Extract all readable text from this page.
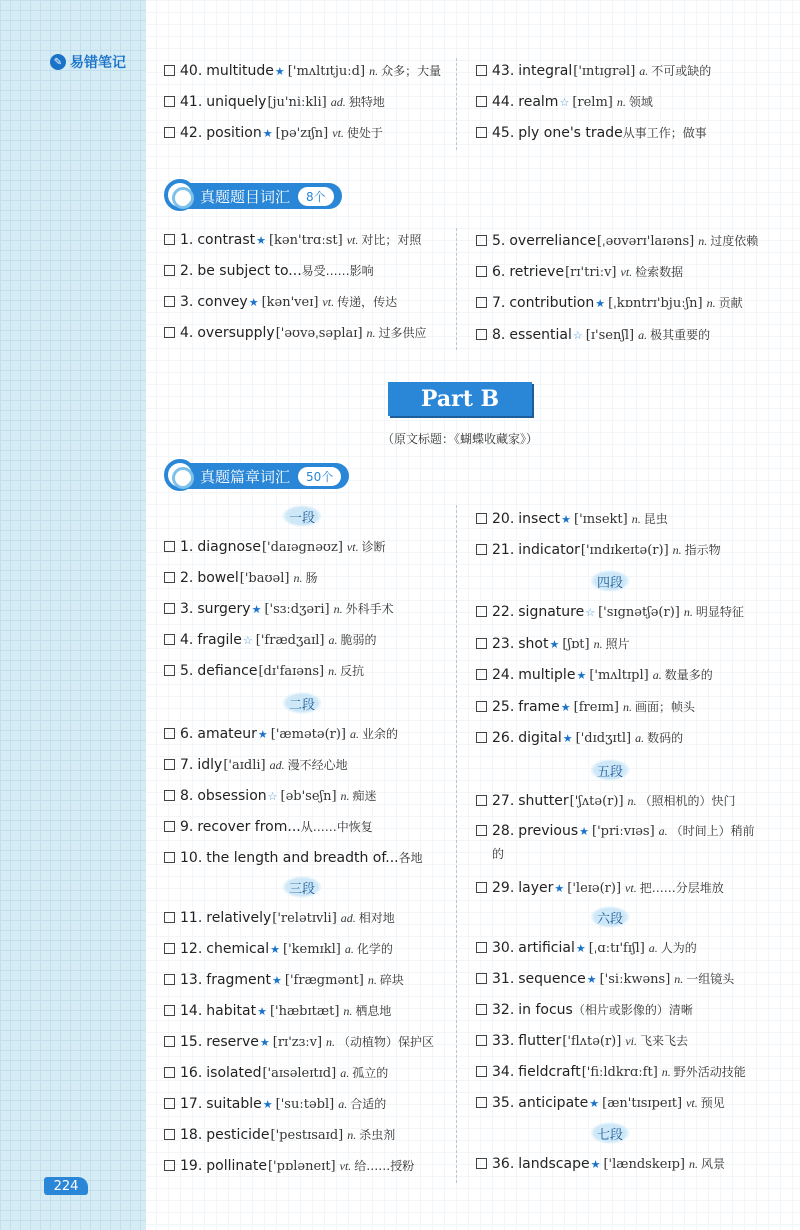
✎ 易错笔记
224
40. multitude★ ['mʌltɪtjuːd] n. 众多；大量
41. uniquely[ju'niːkli] ad. 独特地
42. position★ [pə'zɪʃn] vt. 使处于
43. integral['ɪntɪgrəl] a. 不可或缺的
44. realm☆ [relm] n. 领域
45. ply one's trade从事工作；做事
真题题目词汇	8个
1. contrast★ [kən'trɑːst] vt. 对比；对照
2. be subject to...易受……影响
3. convey★ [kən'veɪ] vt. 传递，传达
4. oversupply['əʊvəˌsəplaɪ] n. 过多供应
5. overreliance[ˌəʊvərɪ'laɪəns] n. 过度依赖
6. retrieve[rɪ'triːv] vt. 检索数据
7. contribution★ [ˌkɒntrɪ'bjuːʃn] n. 贡献
8. essential☆ [ɪ'senʃl] a. 极其重要的
Part B
（原文标题：《蝴蝶收藏家》）
真题篇章词汇	50个
1. diagnose['daɪəgnəʊz] vt. 诊断
2. bowel['baʊəl] n. 肠
3. surgery★ ['sɜːdʒəri] n. 外科手术
4. fragile☆ ['frædʒaɪl] a. 脆弱的
5. defiance[dɪ'faɪəns] n. 反抗
6. amateur★ ['æmətə(r)] a. 业余的
7. idly['aɪdli] ad. 漫不经心地
8. obsession☆ [əb'seʃn] n. 痴迷
9. recover from...从……中恢复
10. the length and breadth of...各地
11. relatively['relətɪvli] ad. 相对地
12. chemical★ ['kemɪkl] a. 化学的
13. fragment★ ['frægmənt] n. 碎块
14. habitat★ ['hæbɪtæt] n. 栖息地
15. reserve★ [rɪ'zɜːv] n. （动植物）保护区
16. isolated['aɪsəleɪtɪd] a. 孤立的
17. suitable★ ['suːtəbl] a. 合适的
18. pesticide['pestɪsaɪd] n. 杀虫剂
19. pollinate['pɒləneɪt] vt. 给……授粉
20. insect★ ['ɪnsekt] n. 昆虫
21. indicator['ɪndɪkeɪtə(r)] n. 指示物
22. signature☆ ['sɪgnətʃə(r)] n. 明显特征
23. shot★ [ʃɒt] n. 照片
24. multiple★ ['mʌltɪpl] a. 数量多的
25. frame★ [freɪm] n. 画面；帧头
26. digital★ ['dɪdʒɪtl] a. 数码的
27. shutter['ʃʌtə(r)] n. （照相机的）快门
28. previous★ ['priːvɪəs] a. （时间上）稍前的
29. layer★ ['leɪə(r)] vt. 把……分层堆放
30. artificial★ [ˌɑːtɪ'fɪʃl] a. 人为的
31. sequence★ ['siːkwəns] n. 一组镜头
32. in focus（相片或影像的）清晰
33. flutter['flʌtə(r)] vi. 飞来飞去
34. fieldcraft['fiːldkrɑːft] n. 野外活动技能
35. anticipate★ [æn'tɪsɪpeɪt] vt. 预见
36. landscape★ ['lændskeɪp] n. 风景
一段
二段
三段
四段
五段
六段
七段
